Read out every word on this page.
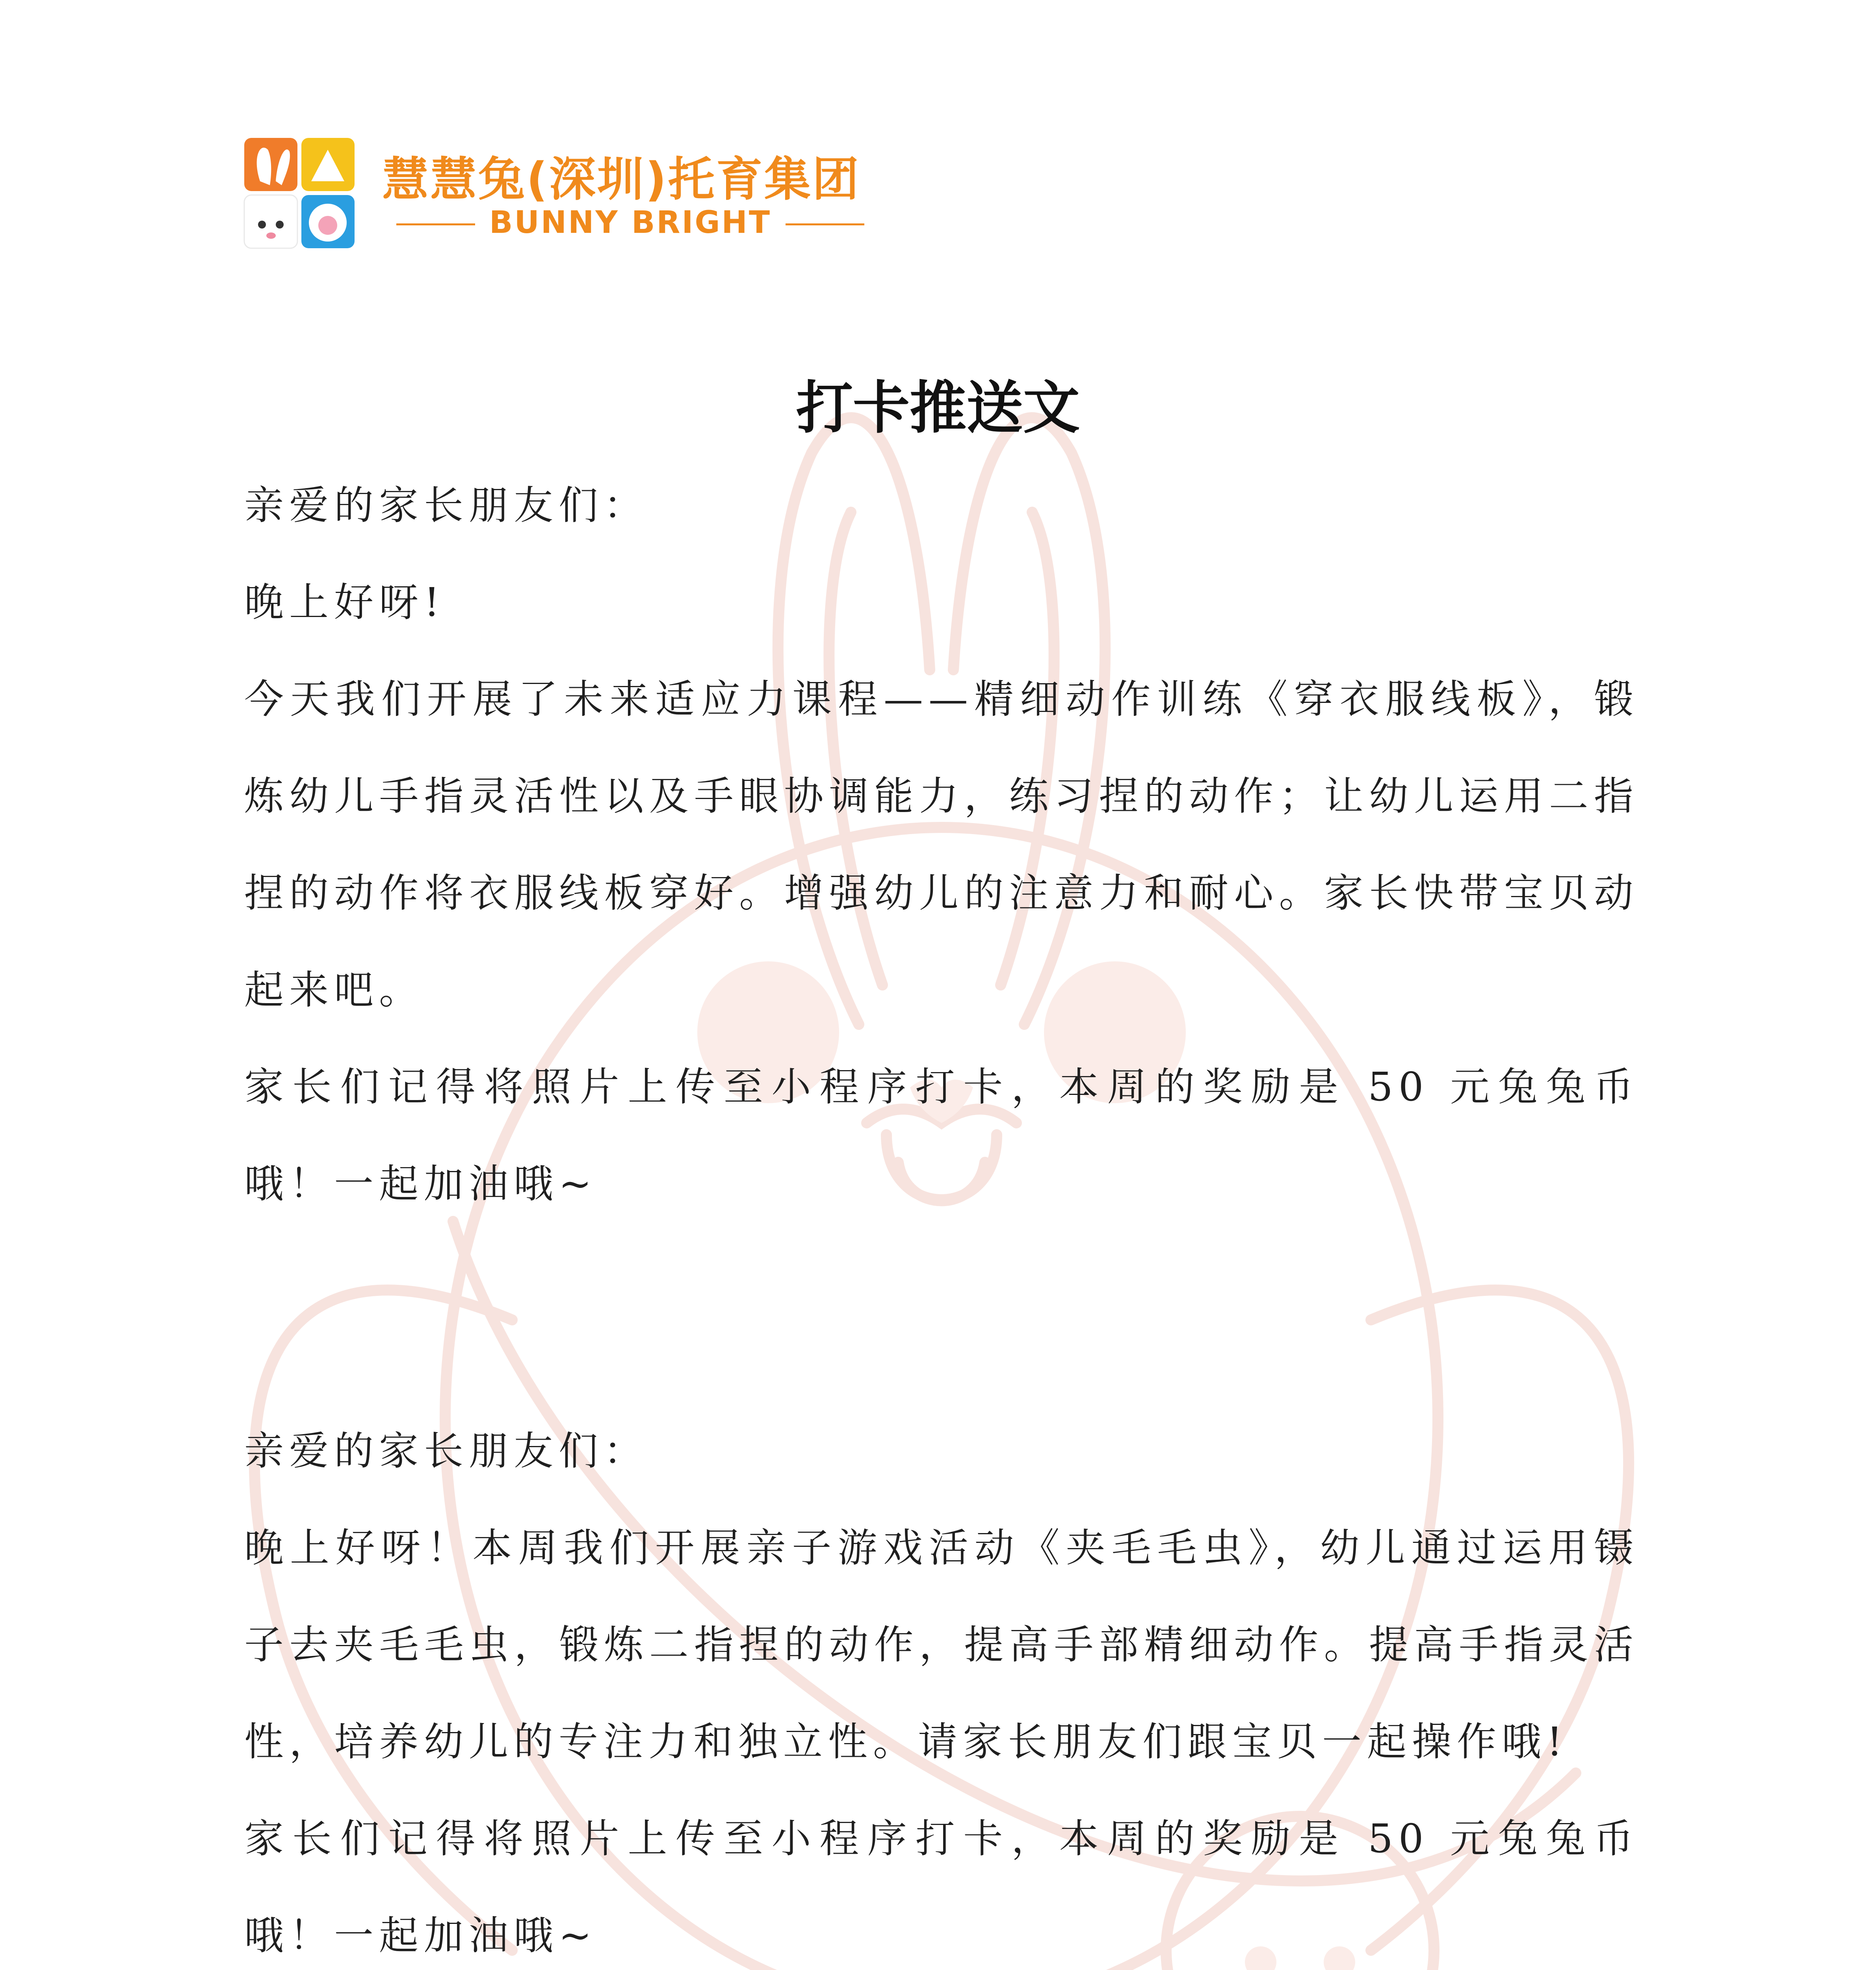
慧慧兔(深圳)托育集团
BUNNY BRIGHT
打卡推送文

亲爱的家长朋友们：

晚上好呀!

今天我们开展了未来适应力课程——精细动作训练《穿衣服线板》，锻炼幼儿手指灵活性以及手眼协调能力，练习捏的动作；让幼儿运用二指捏的动作将衣服线板穿好。增强幼儿的注意力和耐心。家长快带宝贝动起来吧。

家长们记得将照片上传至小程序打卡，本周的奖励是 50 元兔兔币哦！一起加油哦~

亲爱的家长朋友们：

晚上好呀！本周我们开展亲子游戏活动《夹毛毛虫》，幼儿通过运用镊子去夹毛毛虫，锻炼二指捏的动作，提高手部精细动作。提高手指灵活性，培养幼儿的专注力和独立性。请家长朋友们跟宝贝一起操作哦!

家长们记得将照片上传至小程序打卡，本周的奖励是 50 元兔兔币哦！一起加油哦~
